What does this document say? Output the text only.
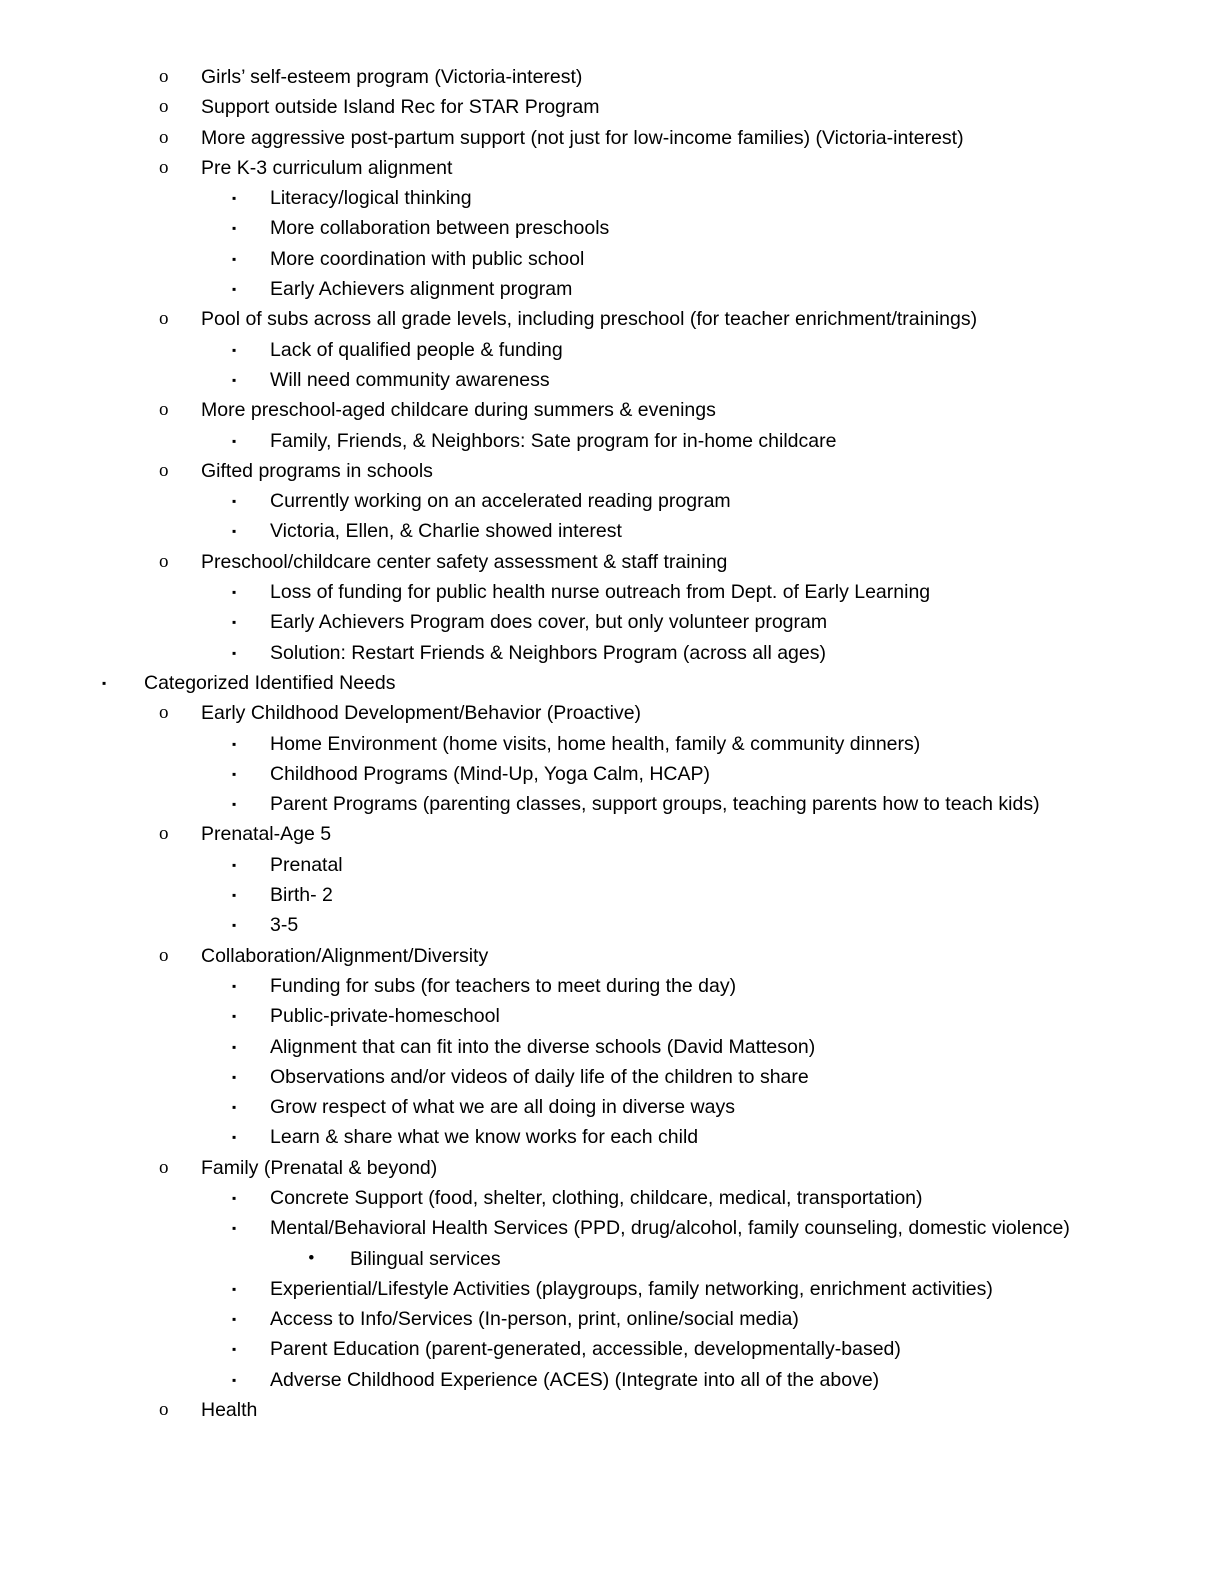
o	Girls’ self-esteem program (Victoria-interest)
o	Support outside Island Rec for STAR Program
o	More aggressive post-partum support (not just for low-income families) (Victoria-interest)
o	Pre K-3 curriculum alignment
▪	Literacy/logical thinking
▪	More collaboration between preschools
▪	More coordination with public school
▪	Early Achievers alignment program
o	Pool of subs across all grade levels, including preschool (for teacher enrichment/trainings)
▪	Lack of qualified people & funding
▪	Will need community awareness
o	More preschool-aged childcare during summers & evenings
▪	Family, Friends, & Neighbors: Sate program for in-home childcare
o	Gifted programs in schools
▪	Currently working on an accelerated reading program
▪	Victoria, Ellen, & Charlie showed interest
o	Preschool/childcare center safety assessment & staff training
▪	Loss of funding for public health nurse outreach from Dept. of Early Learning
▪	Early Achievers Program does cover, but only volunteer program
▪	Solution: Restart Friends & Neighbors Program (across all ages)
▪	Categorized Identified Needs
o	Early Childhood Development/Behavior (Proactive)
▪	Home Environment (home visits, home health, family & community dinners)
▪	Childhood Programs (Mind-Up, Yoga Calm, HCAP)
▪	Parent Programs (parenting classes, support groups, teaching parents how to teach kids)
o	Prenatal-Age 5
▪	Prenatal
▪	Birth- 2
▪	3-5
o	Collaboration/Alignment/Diversity
▪	Funding for subs (for teachers to meet during the day)
▪	Public-private-homeschool
▪	Alignment that can fit into the diverse schools (David Matteson)
▪	Observations and/or videos of daily life of the children to share
▪	Grow respect of what we are all doing in diverse ways
▪	Learn & share what we know works for each child
o	Family (Prenatal & beyond)
▪	Concrete Support (food, shelter, clothing, childcare, medical, transportation)
▪	Mental/Behavioral Health Services (PPD, drug/alcohol, family counseling, domestic violence)
•	Bilingual services
▪	Experiential/Lifestyle Activities (playgroups, family networking, enrichment activities)
▪	Access to Info/Services (In-person, print, online/social media)
▪	Parent Education (parent-generated, accessible, developmentally-based)
▪	Adverse Childhood Experience (ACES) (Integrate into all of the above)
o	Health
